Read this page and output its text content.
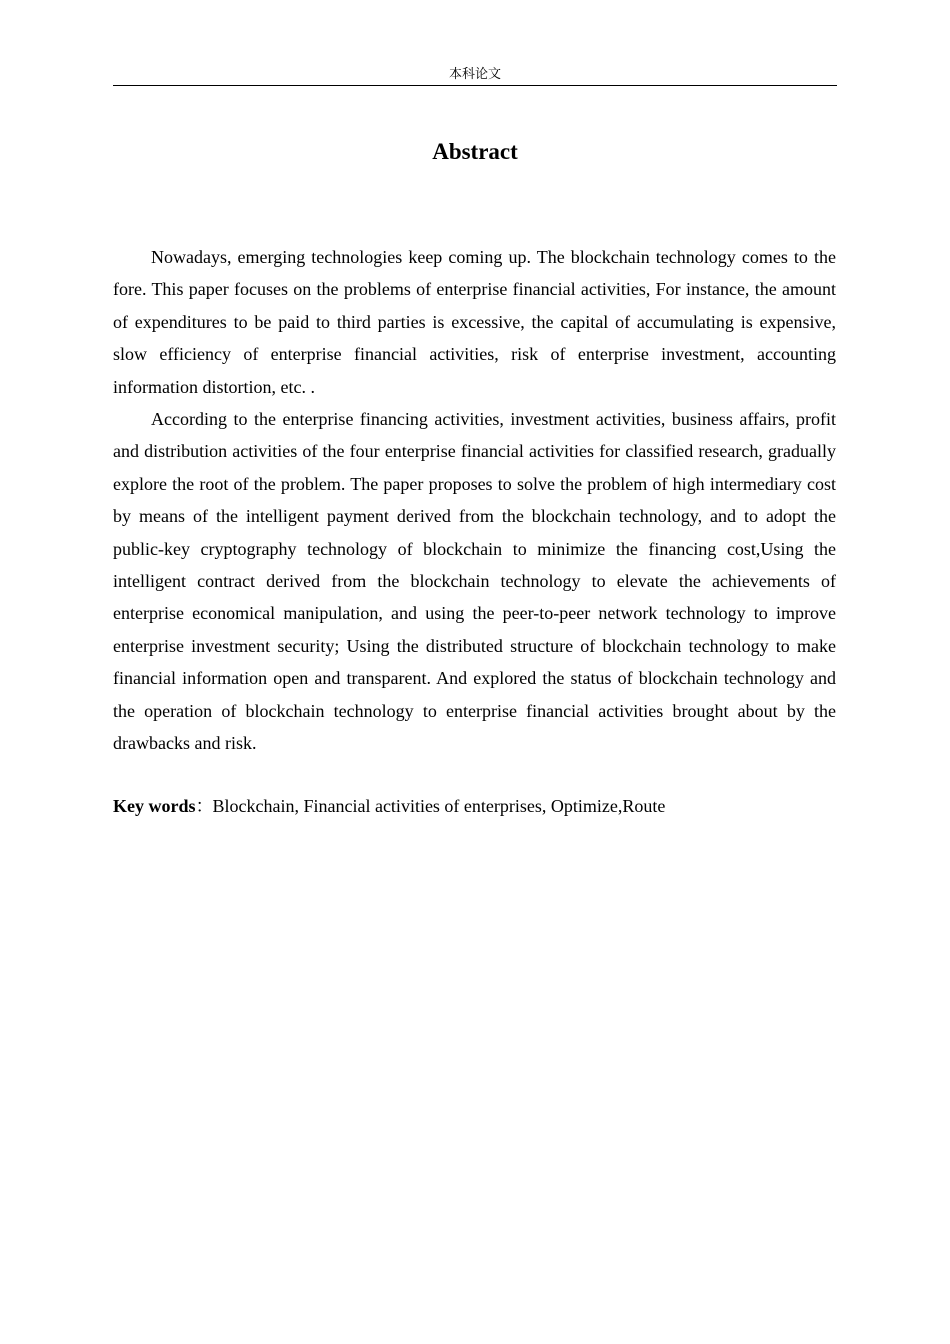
本科论文
Abstract

Nowadays, emerging technologies keep coming up. The blockchain technology comes to the fore. This paper focuses on the problems of enterprise financial activities, For instance, the amount of expenditures to be paid to third parties is excessive, the capital of accumulating is expensive, slow efficiency of enterprise financial activities, risk of enterprise investment, accounting information distortion, etc. .

According to the enterprise financing activities, investment activities, business affairs, profit and distribution activities of the four enterprise financial activities for classified research, gradually explore the root of the problem. The paper proposes to solve the problem of high intermediary cost by means of the intelligent payment derived from the blockchain technology, and to adopt the public-key cryptography technology of blockchain to minimize the financing cost,Using the intelligent contract derived from the blockchain technology to elevate the achievements of enterprise economical manipulation, and using the peer-to-peer network technology to improve enterprise investment security; Using the distributed structure of blockchain technology to make financial information open and transparent. And explored the status of blockchain technology and the operation of blockchain technology to enterprise financial activities brought about by the drawbacks and risk.

Key words：Blockchain, Financial activities of enterprises, Optimize,Route
